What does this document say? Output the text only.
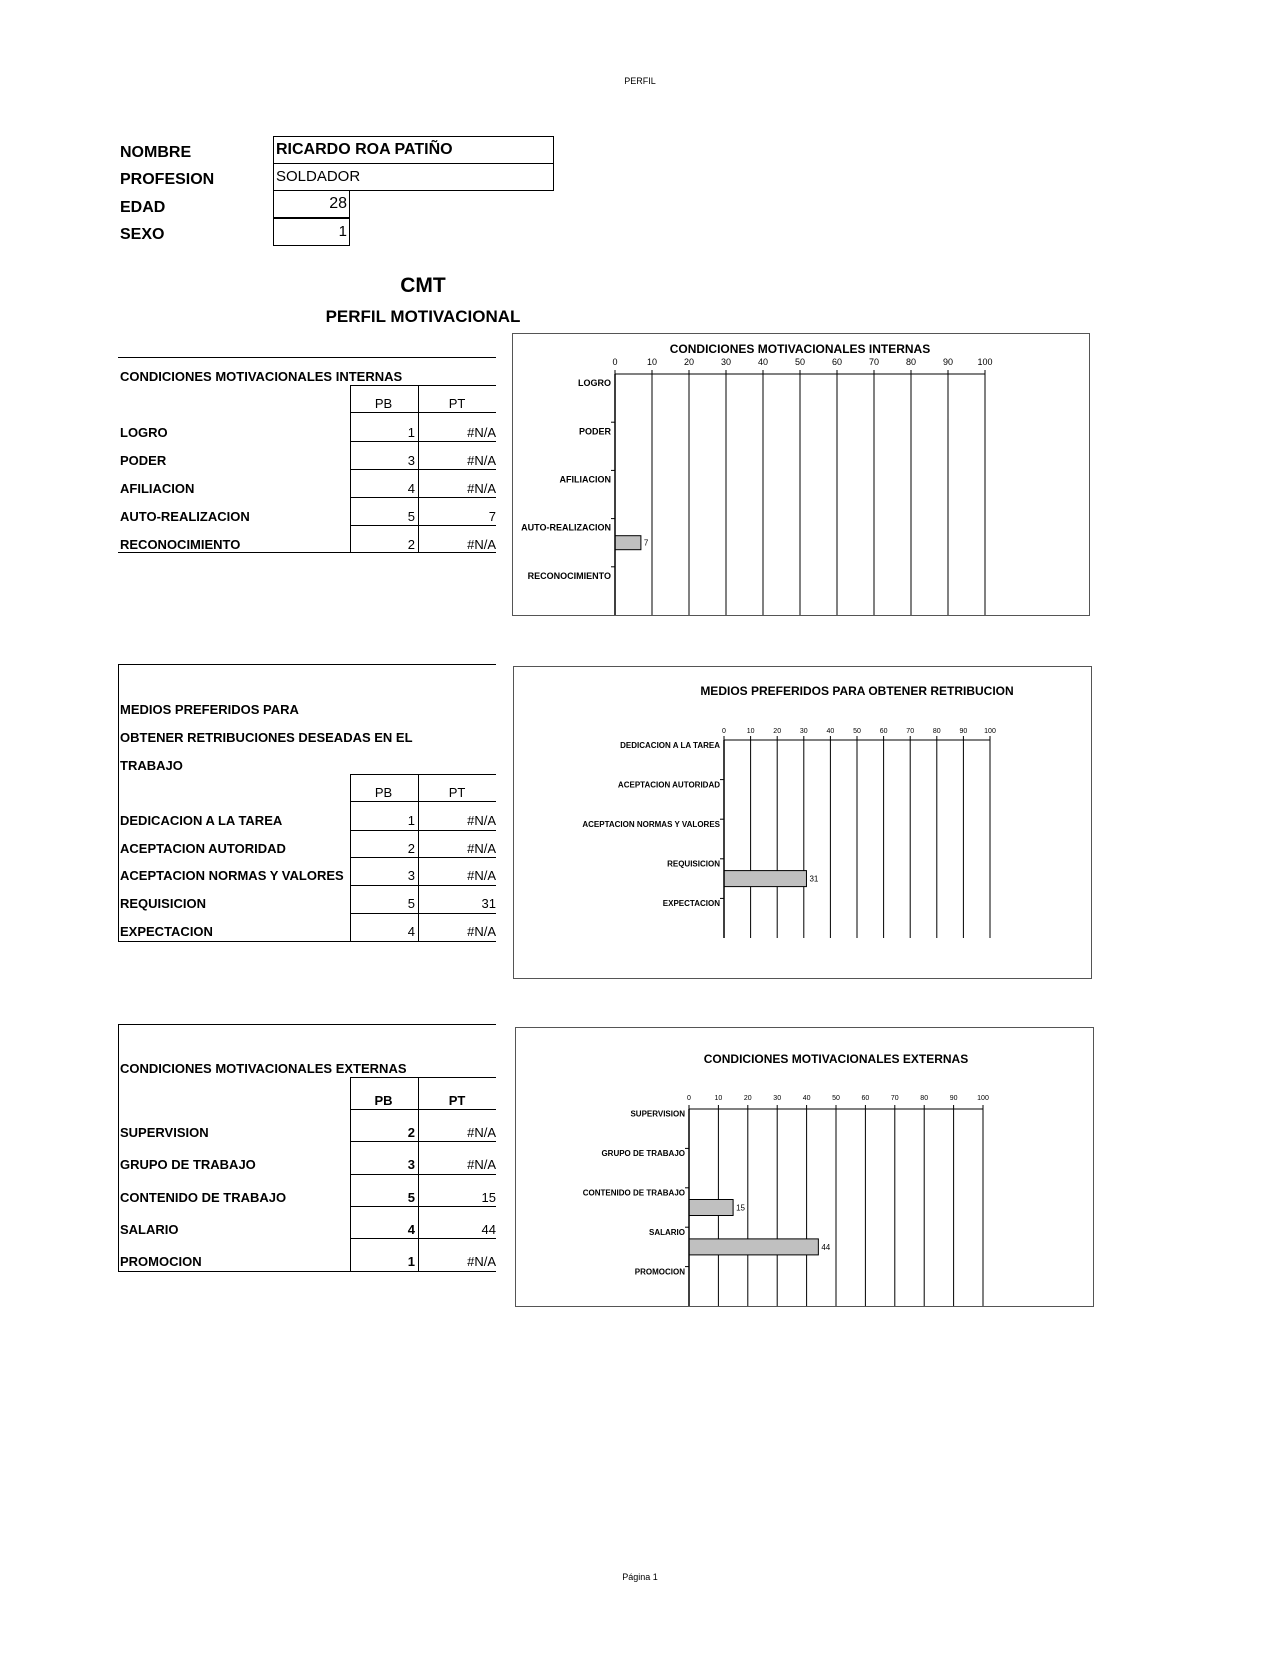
PERFIL
NOMBRE	RICARDO ROA PATIÑO
PROFESION	SOLDADOR
EDAD	28
SEXO	1
CMT
PERFIL MOTIVACIONAL
CONDICIONES MOTIVACIONALES INTERNAS
PB	PT
LOGRO	1	#N/A
PODER	3	#N/A
AFILIACION	4	#N/A
AUTO-REALIZACION	5	7
RECONOCIMIENTO	2	#N/A
MEDIOS PREFERIDOS PARA
OBTENER RETRIBUCIONES DESEADAS EN EL
TRABAJO
PB	PT
DEDICACION A LA TAREA	1	#N/A
ACEPTACION AUTORIDAD	2	#N/A
ACEPTACION NORMAS Y VALORES	3	#N/A
REQUISICION	5	31
EXPECTACION	4	#N/A
CONDICIONES MOTIVACIONALES EXTERNAS
PB	PT
SUPERVISION	2	#N/A
GRUPO DE TRABAJO	3	#N/A
CONTENIDO DE TRABAJO	5	15
SALARIO	4	44
PROMOCION	1	#N/A
CONDICIONES MOTIVACIONALES INTERNAS
0	10	20	30	40	50	60	70	80	90	100
LOGRO
PODER
AFILIACION
AUTO-REALIZACION
7
RECONOCIMIENTO
MEDIOS PREFERIDOS PARA OBTENER RETRIBUCION
0	10	20	30	40	50	60	70	80	90 100
DEDICACION A LA TAREA
ACEPTACION AUTORIDAD
ACEPTACION NORMAS Y VALORES
REQUISICION
31
EXPECTACION
CONDICIONES MOTIVACIONALES EXTERNAS
0	10	20	30	40	50	60	70	80	90	100
SUPERVISION
GRUPO DE TRABAJO
CONTENIDO DE TRABAJO
15
SALARIO
44
PROMOCION
Página 1
